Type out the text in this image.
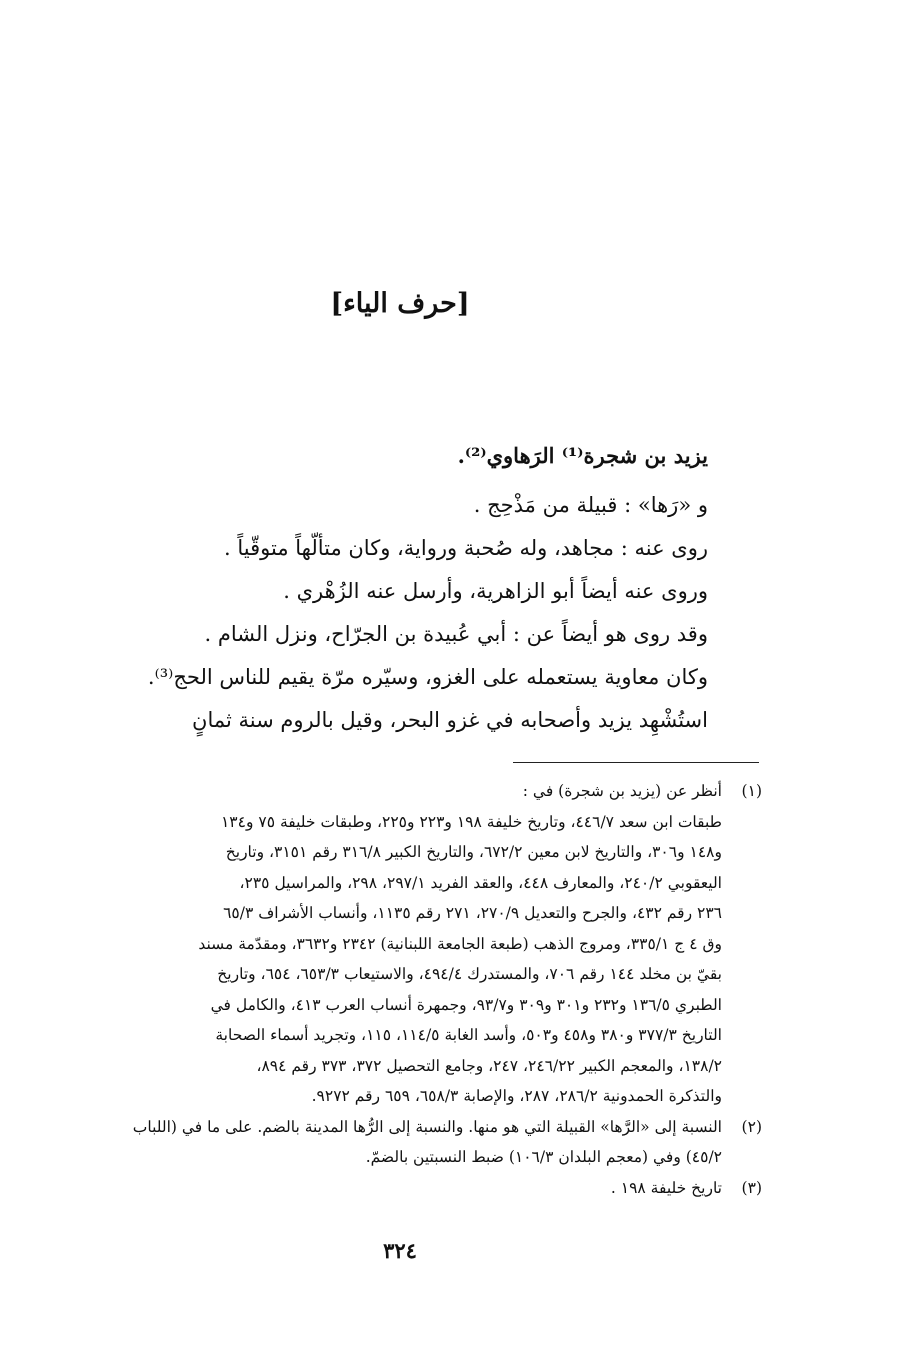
[حرف الياء]
يزيد بن شجرة⁽¹⁾ الرَهاوي⁽²⁾.
و «رَها» : قبيلة من مَذْحِج .
روى عنه : مجاهد، وله صُحبة ورواية، وكان متألّهاً متوقّياً .
وروى عنه أيضاً أبو الزاهرية، وأرسل عنه الزُهْري .
وقد روى هو أيضاً عن : أبي عُبيدة بن الجرّاح، ونزل الشام .
وكان معاوية يستعمله على الغزو، وسيّره مرّة يقيم للناس الحج⁽³⁾.
استُشْهِد يزيد وأصحابه في غزو البحر، وقيل بالروم سنة ثمانٍ
(١)أنظر عن (يزيد بن شجرة) في :
طبقات ابن سعد ٤٤٦/٧، وتاريخ خليفة ١٩٨ و٢٢٣ و٢٢٥، وطبقات خليفة ٧٥ و١٣٤
و١٤٨ و٣٠٦، والتاريخ لابن معين ٦٧٢/٢، والتاريخ الكبير ٣١٦/٨ رقم ٣١٥١، وتاريخ
اليعقوبي ٢٤٠/٢، والمعارف ٤٤٨، والعقد الفريد ٢٩٧/١، ٢٩٨، والمراسيل ٢٣٥،
٢٣٦ رقم ٤٣٢، والجرح والتعديل ٢٧٠/٩، ٢٧١ رقم ١١٣٥، وأنساب الأشراف ٦٥/٣
وق ٤ ج ٣٣٥/١، ومروج الذهب (طبعة الجامعة اللبنانية) ٢٣٤٢ و٣٦٣٢، ومقدّمة مسند
بقيّ بن مخلد ١٤٤ رقم ٧٠٦، والمستدرك ٤٩٤/٤، والاستيعاب ٦٥٣/٣، ٦٥٤، وتاريخ
الطبري ١٣٦/٥ و٢٣٢ و٣٠١ و٣٠٩ و٩٣/٧، وجمهرة أنساب العرب ٤١٣، والكامل في
التاريخ ٣٧٧/٣ و٣٨٠ و٤٥٨ و٥٠٣، وأسد الغابة ١١٤/٥، ١١٥، وتجريد أسماء الصحابة
١٣٨/٢، والمعجم الكبير ٢٤٦/٢٢، ٢٤٧، وجامع التحصيل ٣٧٢، ٣٧٣ رقم ٨٩٤،
والتذكرة الحمدونية ٢٨٦/٢، ٢٨٧، والإصابة ٦٥٨/٣، ٦٥٩ رقم ٩٢٧٢.
(٢)النسبة إلى «الرَّها» القبيلة التي هو منها. والنسبة إلى الرُّها المدينة بالضم. على ما في (اللباب
٤٥/٢) وفي (معجم البلدان ١٠٦/٣) ضبط النسبتين بالضمّ.
(٣)تاريخ خليفة ١٩٨ .
٣٢٤
